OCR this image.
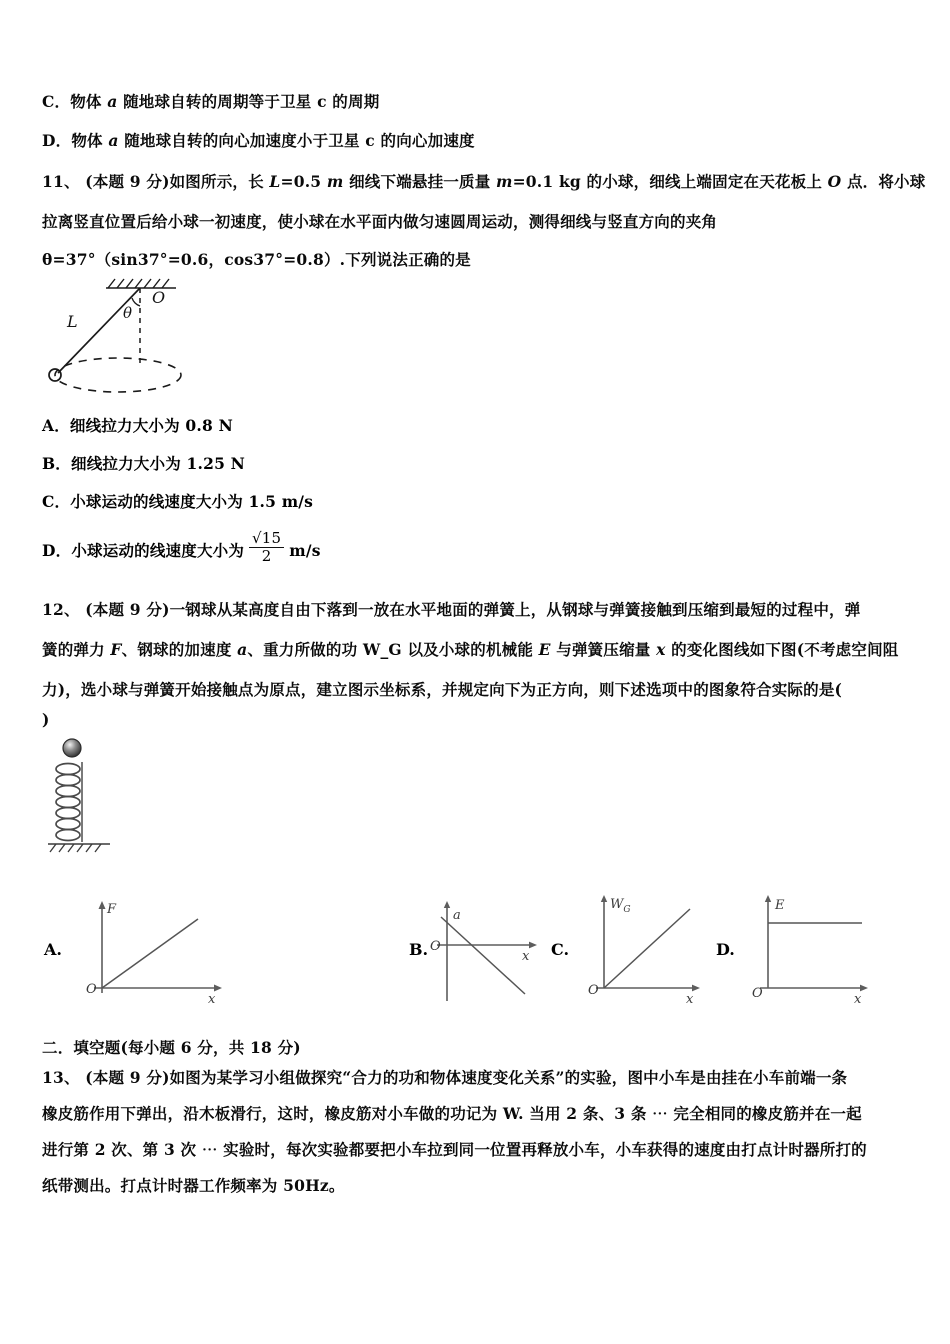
C．物体 a 随地球自转的周期等于卫星 c 的周期
D．物体 a 随地球自转的向心加速度小于卫星 c 的向心加速度
11、 (本题 9 分)如图所示，长 L=0.5 m 细线下端悬挂一质量 m=0.1 kg 的小球，细线上端固定在天花板上 O 点．将小球
拉离竖直位置后给小球一初速度，使小球在水平面内做匀速圆周运动，测得细线与竖直方向的夹角
θ=37°（sin37°=0.6，cos37°=0.8）.下列说法正确的是
O
θ
L
A．细线拉力大小为 0.8 N
B．细线拉力大小为 1.25 N
C．小球运动的线速度大小为 1.5 m/s
D．小球运动的线速度大小为 $\frac{√15}{2} m/s$
12、 (本题 9 分)一钢球从某高度自由下落到一放在水平地面的弹簧上，从钢球与弹簧接触到压缩到最短的过程中，弹
簧的弹力 F、钢球的加速度 a、重力所做的功 W_G 以及小球的机械能 E 与弹簧压缩量 x 的变化图线如下图(不考虑空间阻
力)，选小球与弹簧开始接触点为原点，建立图示坐标系，并规定向下为正方向，则下述选项中的图象符合实际的是(
)
A.
F
x
O
B.
a
x
O	C.
$W_G$
x
O
D.
E
x
O
二．填空题(每小题 6 分，共 18 分)
13、 (本题 9 分)如图为某学习小组做探究“合力的功和物体速度变化关系”的实验，图中小车是由挂在小车前端一条
橡皮筋作用下弹出，沿木板滑行，这时，橡皮筋对小车做的功记为 W. 当用 2 条、3 条 ⋯ 完全相同的橡皮筋并在一起
进行第 2 次、第 3 次 ⋯ 实验时，每次实验都要把小车拉到同一位置再释放小车，小车获得的速度由打点计时器所打的
纸带测出。打点计时器工作频率为 50Hz。
